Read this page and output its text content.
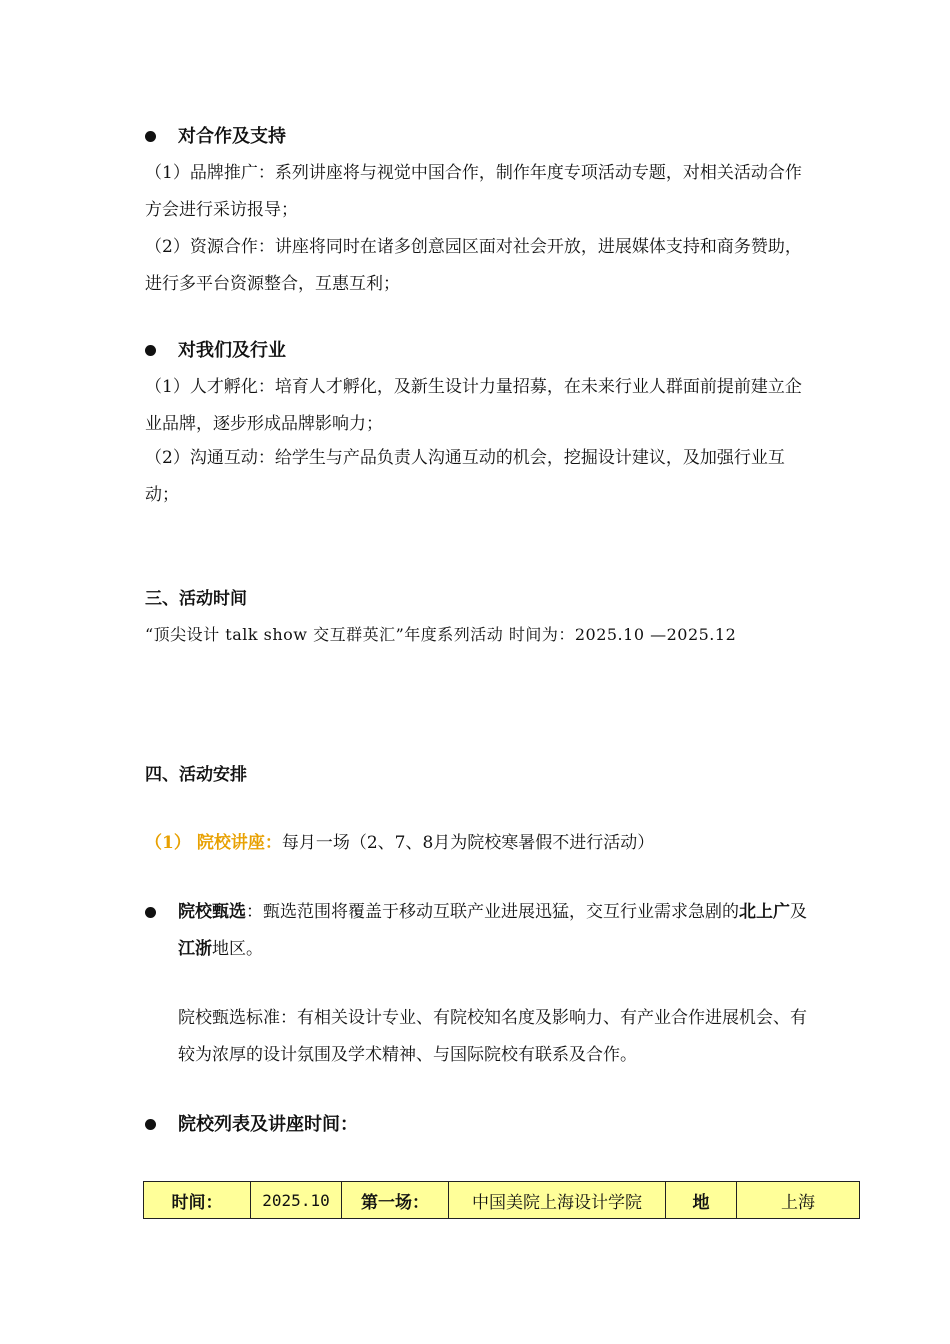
对合作及支持
（1）品牌推广：系列讲座将与视觉中国合作，制作年度专项活动专题，对相关活动合作方会进行采访报导；
（2）资源合作：讲座将同时在诸多创意园区面对社会开放，进展媒体支持和商务赞助，进行多平台资源整合，互惠互利；
对我们及行业
（1）人才孵化：培育人才孵化，及新生设计力量招募，在未来行业人群面前提前建立企业品牌，逐步形成品牌影响力；
（2）沟通互动：给学生与产品负责人沟通互动的机会，挖掘设计建议，及加强行业互动；
三、活动时间
“顶尖设计 talk show 交互群英汇”年度系列活动 时间为：2025.10 —2025.12
四、活动安排
（1） 院校讲座：每月一场（2、7、8月为院校寒暑假不进行活动）
院校甄选：甄选范围将覆盖于移动互联产业进展迅猛，交互行业需求急剧的北上广及江浙地区。
院校甄选标准：有相关设计专业、有院校知名度及影响力、有产业合作进展机会、有较为浓厚的设计氛围及学术精神、与国际院校有联系及合作。
院校列表及讲座时间：
时间：	2025.10	第一场：	中国美院上海设计学院	地	上海
